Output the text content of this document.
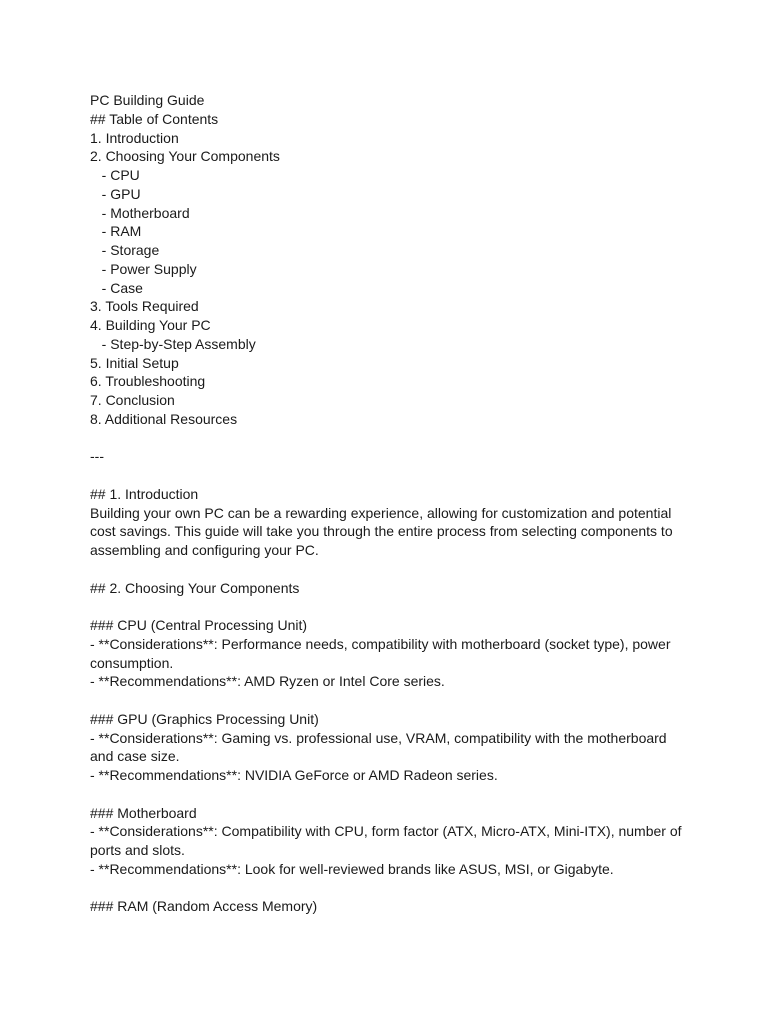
PC Building Guide
## Table of Contents
1. Introduction
2. Choosing Your Components
- CPU
- GPU
- Motherboard
- RAM
- Storage
- Power Supply
- Case
3. Tools Required
4. Building Your PC
- Step-by-Step Assembly
5. Initial Setup
6. Troubleshooting
7. Conclusion
8. Additional Resources
---
## 1. Introduction
Building your own PC can be a rewarding experience, allowing for customization and potential cost savings. This guide will take you through the entire process from selecting components to assembling and configuring your PC.
## 2. Choosing Your Components
### CPU (Central Processing Unit)
- **Considerations**: Performance needs, compatibility with motherboard (socket type), power consumption.
- **Recommendations**: AMD Ryzen or Intel Core series.
### GPU (Graphics Processing Unit)
- **Considerations**: Gaming vs. professional use, VRAM, compatibility with the motherboard and case size.
- **Recommendations**: NVIDIA GeForce or AMD Radeon series.
### Motherboard
- **Considerations**: Compatibility with CPU, form factor (ATX, Micro-ATX, Mini-ITX), number of ports and slots.
- **Recommendations**: Look for well-reviewed brands like ASUS, MSI, or Gigabyte.
### RAM (Random Access Memory)
